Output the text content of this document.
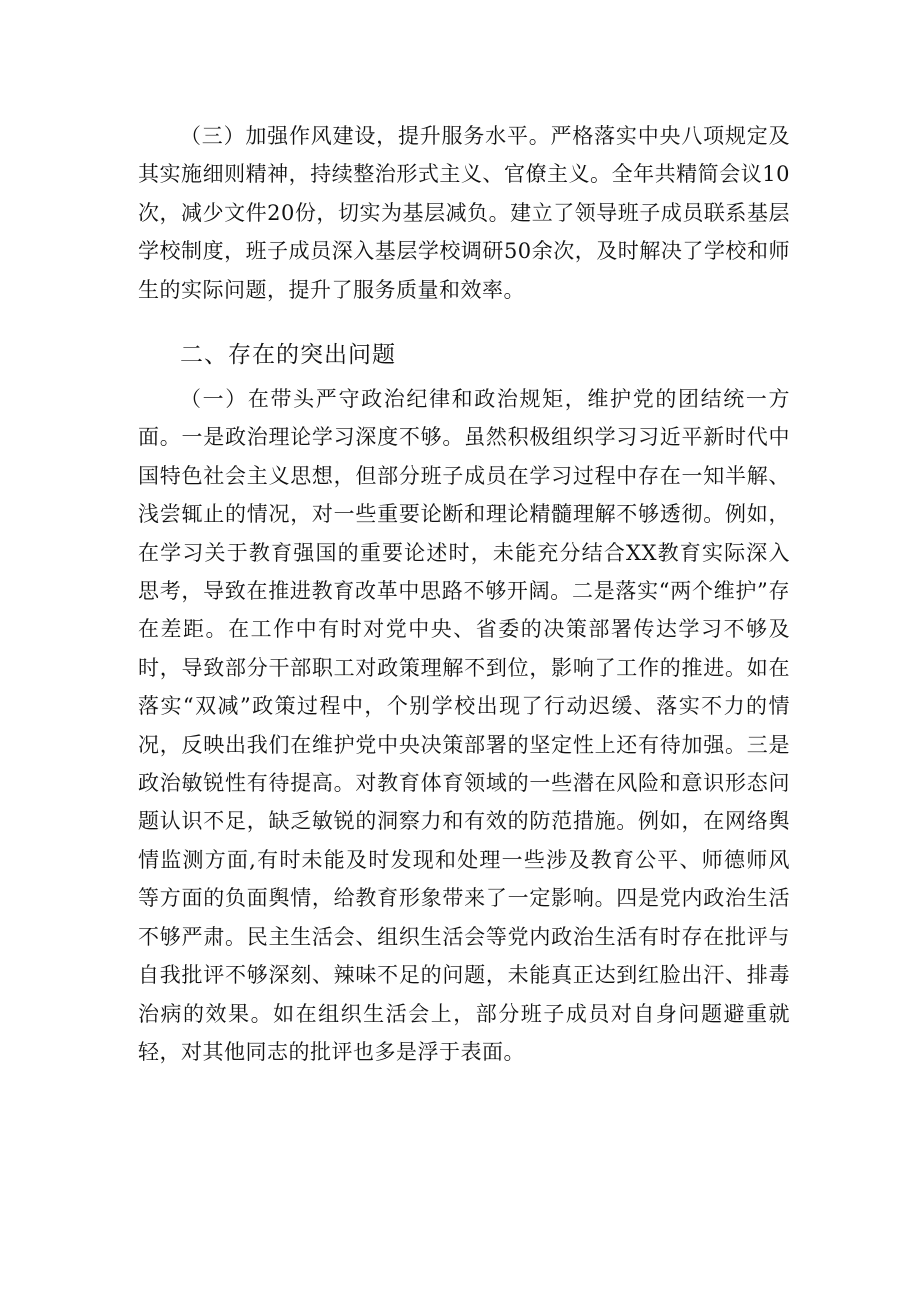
（三）加强作风建设，提升服务水平。严格落实中央八项规定及其实施细则精神，持续整治形式主义、官僚主义。全年共精简会议10次，减少文件20份，切实为基层减负。建立了领导班子成员联系基层学校制度，班子成员深入基层学校调研50余次，及时解决了学校和师生的实际问题，提升了服务质量和效率。

二、存在的突出问题

（一）在带头严守政治纪律和政治规矩，维护党的团结统一方面。一是政治理论学习深度不够。虽然积极组织学习习近平新时代中国特色社会主义思想，但部分班子成员在学习过程中存在一知半解、浅尝辄止的情况，对一些重要论断和理论精髓理解不够透彻。例如，在学习关于教育强国的重要论述时，未能充分结合XX教育实际深入思考，导致在推进教育改革中思路不够开阔。二是落实“两个维护”存在差距。在工作中有时对党中央、省委的决策部署传达学习不够及时，导致部分干部职工对政策理解不到位，影响了工作的推进。如在落实“双减”政策过程中，个别学校出现了行动迟缓、落实不力的情况，反映出我们在维护党中央决策部署的坚定性上还有待加强。三是政治敏锐性有待提高。对教育体育领域的一些潜在风险和意识形态问题认识不足，缺乏敏锐的洞察力和有效的防范措施。例如，在网络舆情监测方面,有时未能及时发现和处理一些涉及教育公平、师德师风等方面的负面舆情，给教育形象带来了一定影响。四是党内政治生活不够严肃。民主生活会、组织生活会等党内政治生活有时存在批评与自我批评不够深刻、辣味不足的问题，未能真正达到红脸出汗、排毒治病的效果。如在组织生活会上，部分班子成员对自身问题避重就轻，对其他同志的批评也多是浮于表面。
